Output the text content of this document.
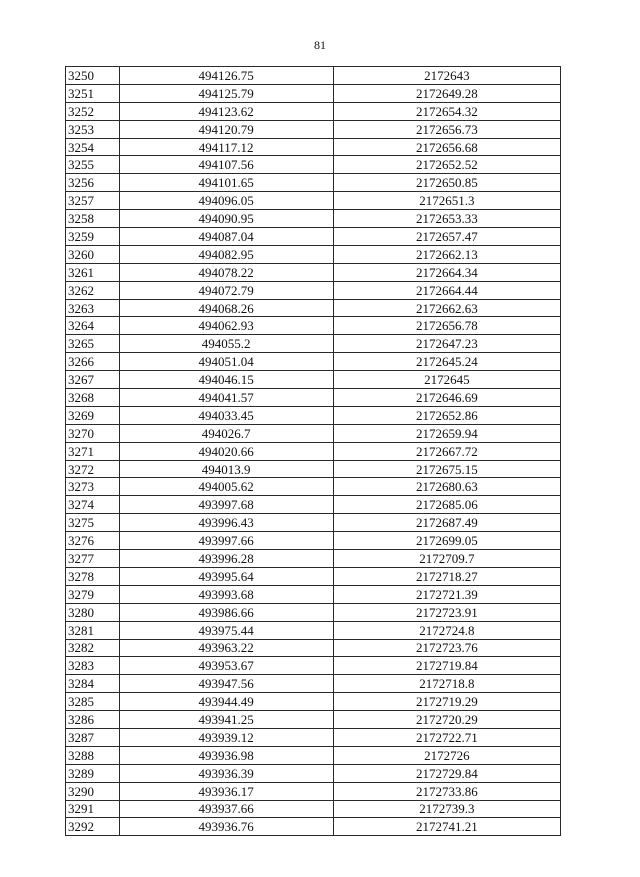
81
3250	494126.75	2172643
3251	494125.79	2172649.28
3252	494123.62	2172654.32
3253	494120.79	2172656.73
3254	494117.12	2172656.68
3255	494107.56	2172652.52
3256	494101.65	2172650.85
3257	494096.05	2172651.3
3258	494090.95	2172653.33
3259	494087.04	2172657.47
3260	494082.95	2172662.13
3261	494078.22	2172664.34
3262	494072.79	2172664.44
3263	494068.26	2172662.63
3264	494062.93	2172656.78
3265	494055.2	2172647.23
3266	494051.04	2172645.24
3267	494046.15	2172645
3268	494041.57	2172646.69
3269	494033.45	2172652.86
3270	494026.7	2172659.94
3271	494020.66	2172667.72
3272	494013.9	2172675.15
3273	494005.62	2172680.63
3274	493997.68	2172685.06
3275	493996.43	2172687.49
3276	493997.66	2172699.05
3277	493996.28	2172709.7
3278	493995.64	2172718.27
3279	493993.68	2172721.39
3280	493986.66	2172723.91
3281	493975.44	2172724.8
3282	493963.22	2172723.76
3283	493953.67	2172719.84
3284	493947.56	2172718.8
3285	493944.49	2172719.29
3286	493941.25	2172720.29
3287	493939.12	2172722.71
3288	493936.98	2172726
3289	493936.39	2172729.84
3290	493936.17	2172733.86
3291	493937.66	2172739.3
3292	493936.76	2172741.21
